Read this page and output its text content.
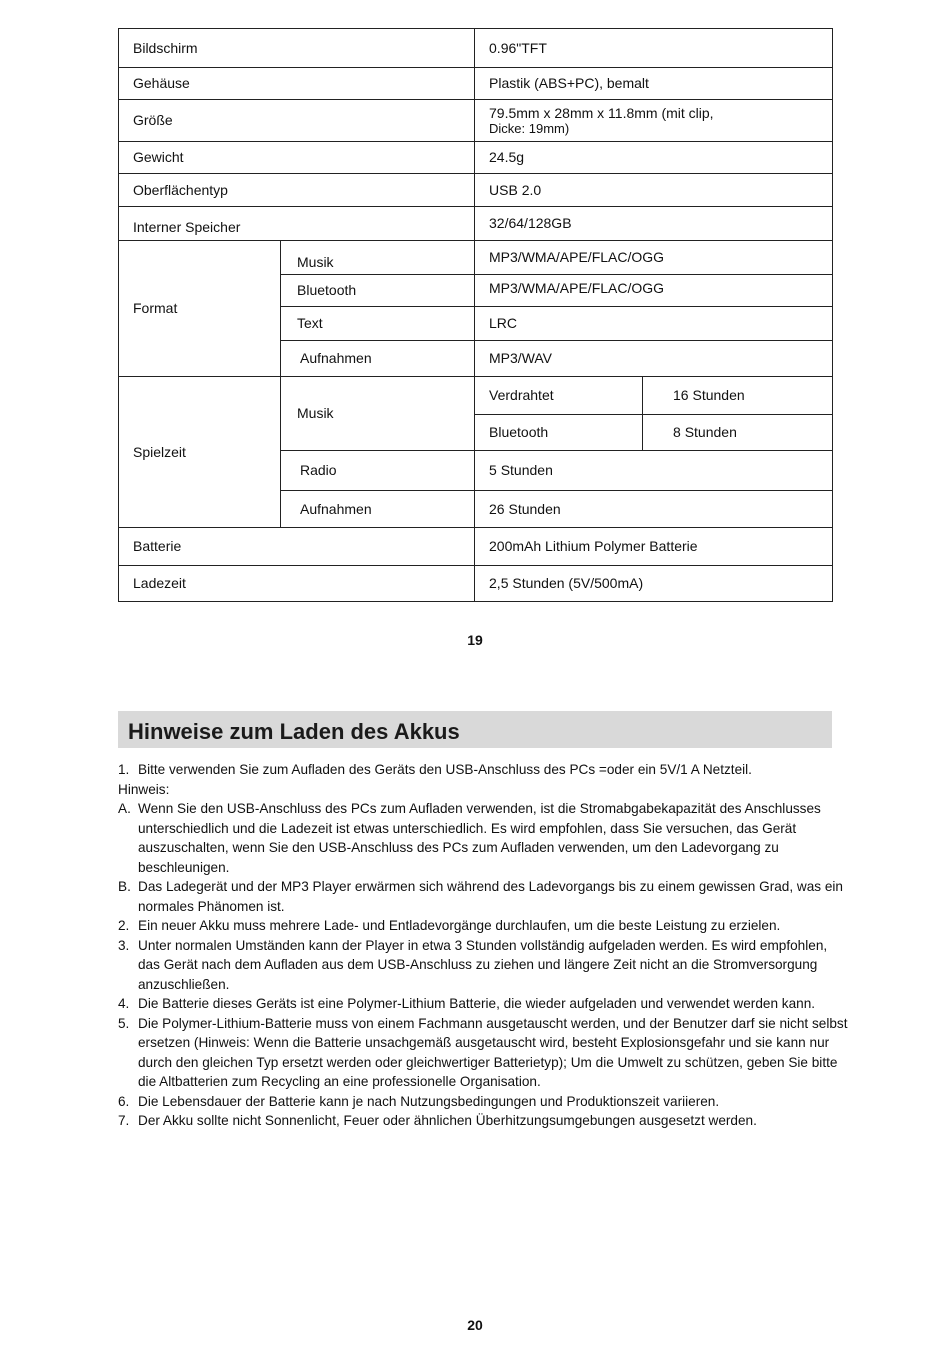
Bildschirm		0.96"TFT	
Gehäuse		Plastik (ABS+PC), bemalt	
Größe		79.5mm x 28mm x 11.8mm (mit clip,
Dicke: 19mm)	
Gewicht		24.5g	
Oberflächentyp		USB 2.0	
Interner Speicher		32/64/128GB	
Format	Musik	MP3/WMA/APE/FLAC/OGG	
	Bluetooth	MP3/WMA/APE/FLAC/OGG	
	Text	LRC	
	Aufnahmen	MP3/WAV	
Spielzeit	Musik	Verdrahtet	16 Stunden
		Bluetooth	8 Stunden
	Radio	5 Stunden	
	Aufnahmen	26 Stunden	
Batterie		200mAh Lithium Polymer Batterie	
Ladezeit		2,5 Stunden (5V/500mA)	
19
Hinweise zum Laden des Akkus

1. Bitte verwenden Sie zum Aufladen des Geräts den USB-Anschluss des PCs =oder ein 5V/1 A Netzteil.

Hinweis:

A. Wenn Sie den USB-Anschluss des PCs zum Aufladen verwenden, ist die Stromabgabekapazität des Anschlusses unterschiedlich und die Ladezeit ist etwas unterschiedlich. Es wird empfohlen, dass Sie versuchen, das Gerät auszuschalten, wenn Sie den USB-Anschluss des PCs zum Aufladen verwenden, um den Ladevorgang zu beschleunigen.

B. Das Ladegerät und der MP3 Player erwärmen sich während des Ladevorgangs bis zu einem gewissen Grad, was ein normales Phänomen ist.

2. Ein neuer Akku muss mehrere Lade- und Entladevorgänge durchlaufen, um die beste Leistung zu erzielen.

3. Unter normalen Umständen kann der Player in etwa 3 Stunden vollständig aufgeladen werden. Es wird empfohlen, das Gerät nach dem Aufladen aus dem USB-Anschluss zu ziehen und längere Zeit nicht an die Stromversorgung anzuschließen.

4. Die Batterie dieses Geräts ist eine Polymer-Lithium Batterie, die wieder aufgeladen und verwendet werden kann.

5. Die Polymer-Lithium-Batterie muss von einem Fachmann ausgetauscht werden, und der Benutzer darf sie nicht selbst ersetzen (Hinweis: Wenn die Batterie unsachgemäß ausgetauscht wird, besteht Explosionsgefahr und sie kann nur durch den gleichen Typ ersetzt werden oder gleichwertiger Batterietyp); Um die Umwelt zu schützen, geben Sie bitte die Altbatterien zum Recycling an eine professionelle Organisation.

6. Die Lebensdauer der Batterie kann je nach Nutzungsbedingungen und Produktionszeit variieren.

7. Der Akku sollte nicht Sonnenlicht, Feuer oder ähnlichen Überhitzungsumgebungen ausgesetzt werden.

20
